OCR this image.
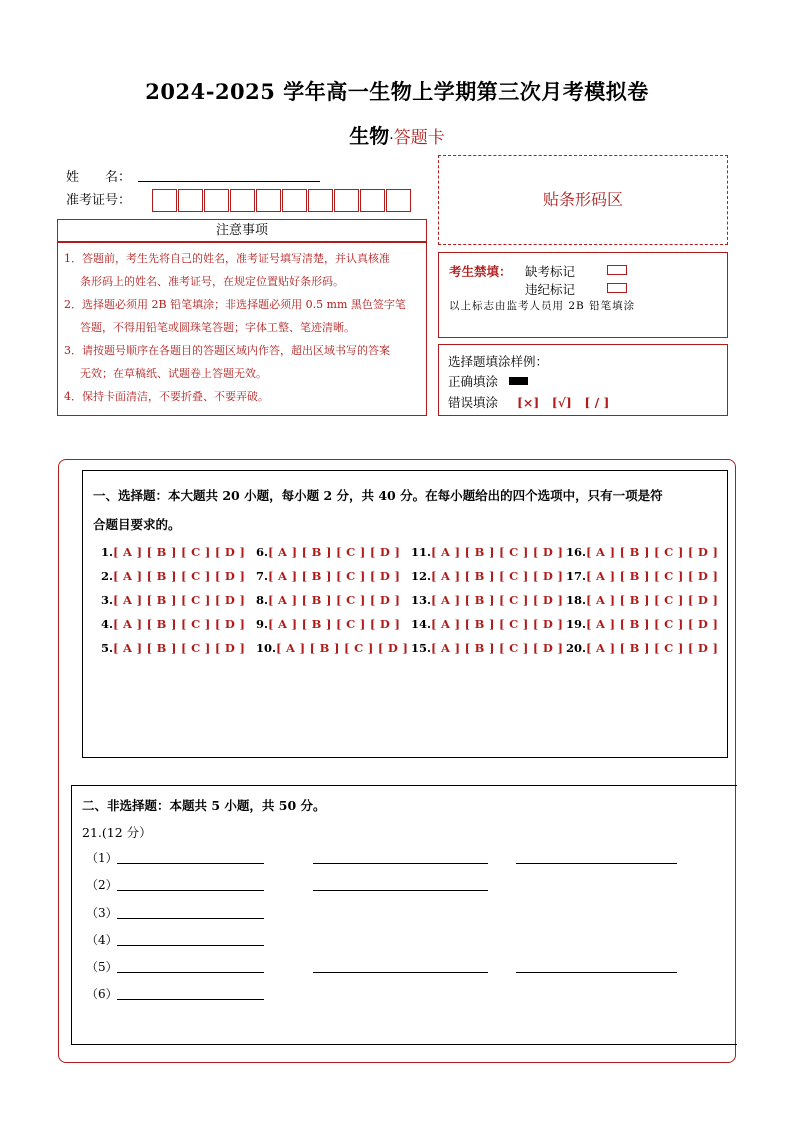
2024-2025 学年高一生物上学期第三次月考模拟卷
生物·答题卡
姓　　名：
准考证号：	贴条形码区
注意事项
1．答题前，考生先将自己的姓名，准考证号填写清楚，并认真核准
条形码上的姓名、准考证号，在规定位置贴好条形码。
2．选择题必须用 2B 铅笔填涂；非选择题必须用 0.5 mm 黑色签字笔
答题，不得用铅笔或圆珠笔答题；字体工整、笔迹清晰。
3．请按题号顺序在各题目的答题区域内作答，超出区域书写的答案
无效；在草稿纸、试题卷上答题无效。
4．保持卡面清洁，不要折叠、不要弄破。
考生禁填： 缺考标记
违纪标记
以上标志由监考人员用 2B 铅笔填涂
选择题填涂样例：
正确填涂
错误填涂 [×]　[√]　[ / ]
一、选择题：本大题共 20 小题，每小题 2 分，共 40 分。在每小题给出的四个选项中，只有一项是符
合题目要求的。
1.[ A ] [ B ] [ C ] [ D ]
2.[ A ] [ B ] [ C ] [ D ]
3.[ A ] [ B ] [ C ] [ D ]
4.[ A ] [ B ] [ C ] [ D ]
5.[ A ] [ B ] [ C ] [ D ]
6.[ A ] [ B ] [ C ] [ D ]
7.[ A ] [ B ] [ C ] [ D ]
8.[ A ] [ B ] [ C ] [ D ]
9.[ A ] [ B ] [ C ] [ D ]
10.[ A ] [ B ] [ C ] [ D ]
11.[ A ] [ B ] [ C ] [ D ]
12.[ A ] [ B ] [ C ] [ D ]
13.[ A ] [ B ] [ C ] [ D ]
14.[ A ] [ B ] [ C ] [ D ]
15.[ A ] [ B ] [ C ] [ D ]
16.[ A ] [ B ] [ C ] [ D ]
17.[ A ] [ B ] [ C ] [ D ]
18.[ A ] [ B ] [ C ] [ D ]
19.[ A ] [ B ] [ C ] [ D ]
20.[ A ] [ B ] [ C ] [ D ]
二、非选择题：本题共 5 小题，共 50 分。
21.(12 分）
（1）
（2）
（3）
（4）
（5）
（6）
